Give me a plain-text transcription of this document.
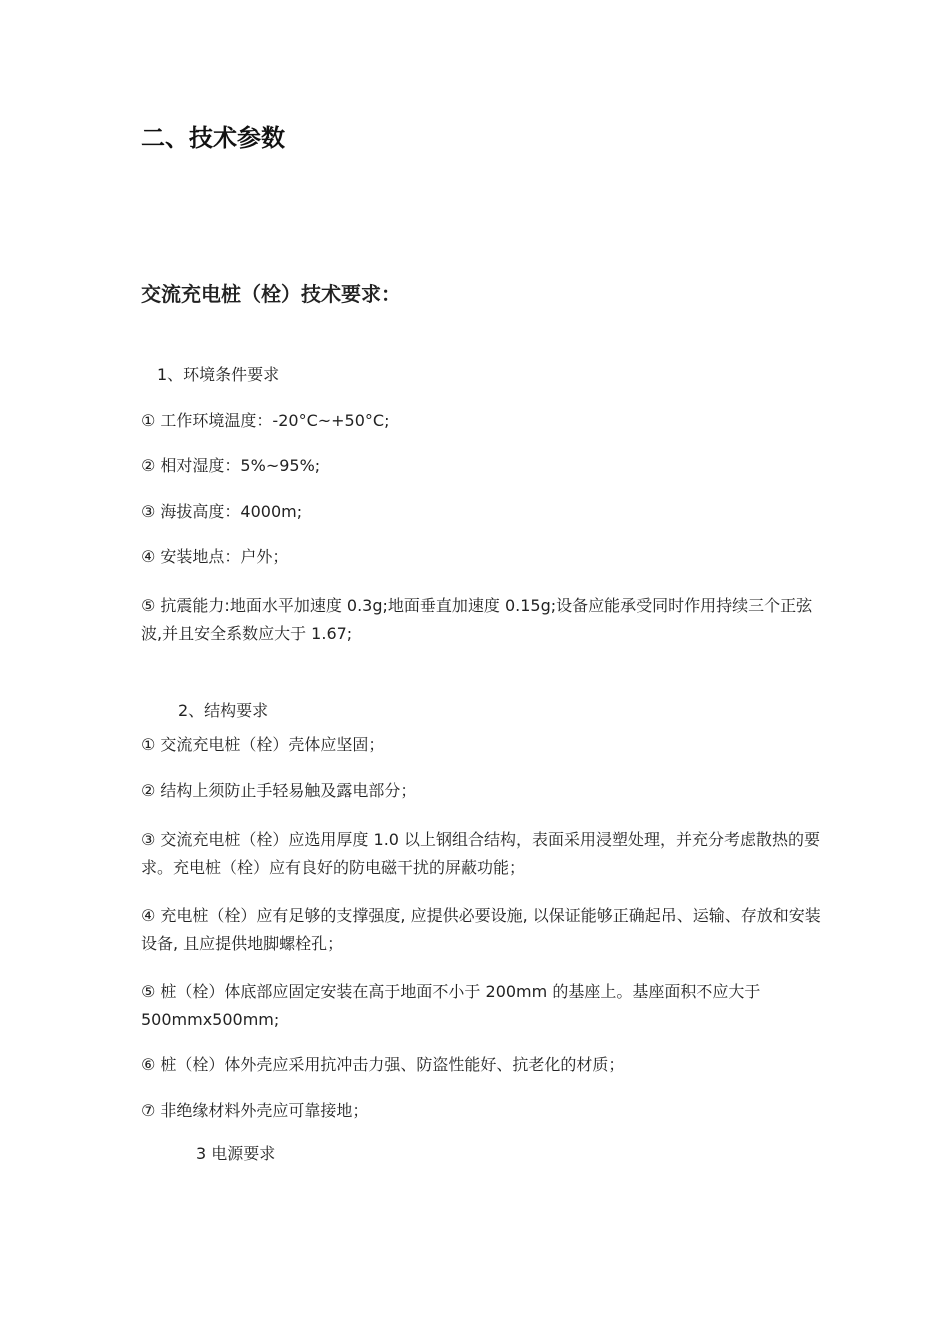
二、技术参数
交流充电桩（栓）技术要求：
1、环境条件要求
① 工作环境温度：-20°C~+50°C;
② 相对湿度：5%~95%;
③ 海拔高度：4000m;
④ 安装地点：户外；
⑤ 抗震能力:地面水平加速度 0.3g;地面垂直加速度 0.15g;设备应能承受同时作用持续三个正弦波,并且安全系数应大于 1.67;
2、结构要求
① 交流充电桩（栓）壳体应坚固；
② 结构上须防止手轻易触及露电部分；
③ 交流充电桩（栓）应选用厚度 1.0 以上钢组合结构，表面采用浸塑处理，并充分考虑散热的要求。充电桩（栓）应有良好的防电磁干扰的屏蔽功能；
④ 充电桩（栓）应有足够的支撑强度, 应提供必要设施, 以保证能够正确起吊、运输、存放和安装设备, 且应提供地脚螺栓孔；
⑤ 桩（栓）体底部应固定安装在高于地面不小于 200mm 的基座上。基座面积不应大于 500mmx500mm;
⑥ 桩（栓）体外壳应采用抗冲击力强、防盗性能好、抗老化的材质；
⑦ 非绝缘材料外壳应可靠接地；
3 电源要求
